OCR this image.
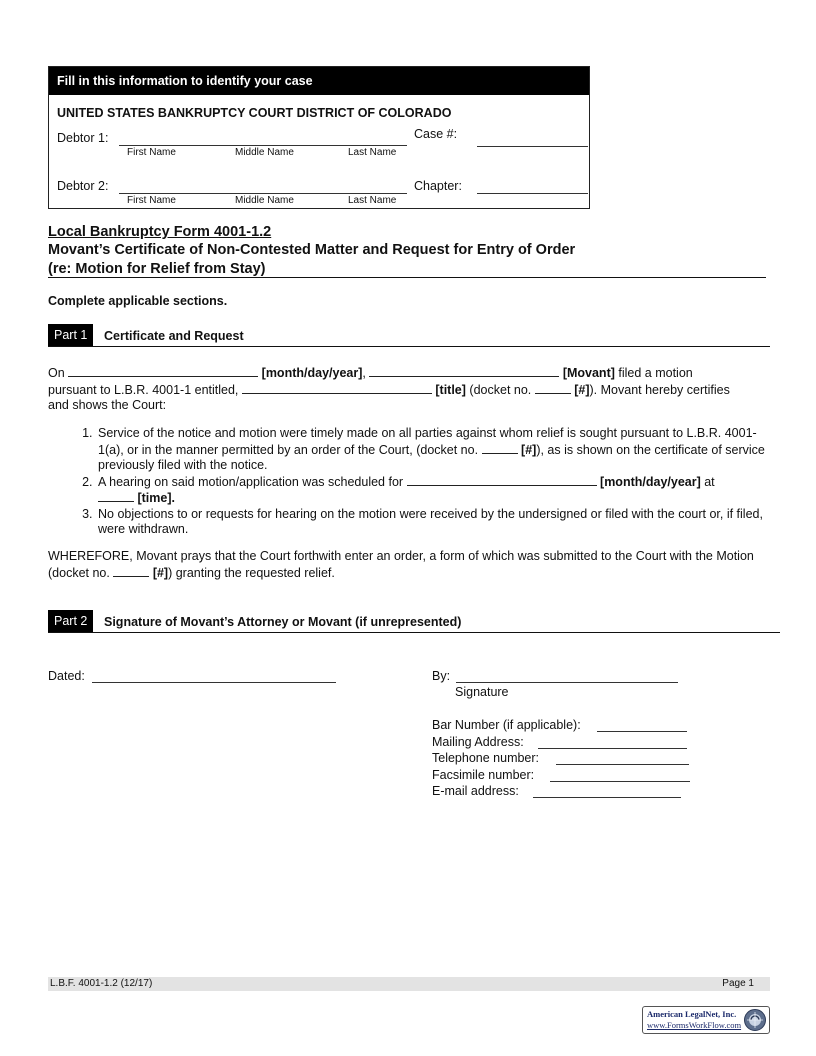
Fill in this information to identify your case
UNITED STATES BANKRUPTCY COURT DISTRICT OF COLORADO
Debtor 1:
First Name	Middle Name	Last Name
Case #:
Debtor 2:
First Name	Middle Name	Last Name
Chapter:
Local Bankruptcy Form 4001-1.2
Movant’s Certificate of Non-Contested Matter and Request for Entry of Order
(re: Motion for Relief from Stay)
Complete applicable sections.
Part 1	Certificate and Request
On	[month/day/year],	[Movant] filed a motion
pursuant to L.B.R. 4001-1 entitled,	[title] (docket no.	[#]). Movant hereby certifies
and shows the Court:
1. Service of the notice and motion were timely made on all parties against whom relief is sought pursuant to L.B.R. 4001-1(a), or in the manner permitted by an order of the Court, (docket no.	[#]), as is shown on the certificate of service previously filed with the notice.
2. A hearing on said motion/application was scheduled for	[month/day/year] at
[time].
3. No objections to or requests for hearing on the motion were received by the undersigned or filed with the court or, if filed, were withdrawn.
WHEREFORE, Movant prays that the Court forthwith enter an order, a form of which was submitted to the Court with the Motion (docket no.	[#]) granting the requested relief.
Part 2	Signature of Movant’s Attorney or Movant (if unrepresented)
Dated:	By:
Signature
Bar Number (if applicable):
Mailing Address:
Telephone number:
Facsimile number:
E-mail address:
L.B.F. 4001-1.2 (12/17)	Page 1
American LegalNet, Inc.
www.FormsWorkFlow.com
